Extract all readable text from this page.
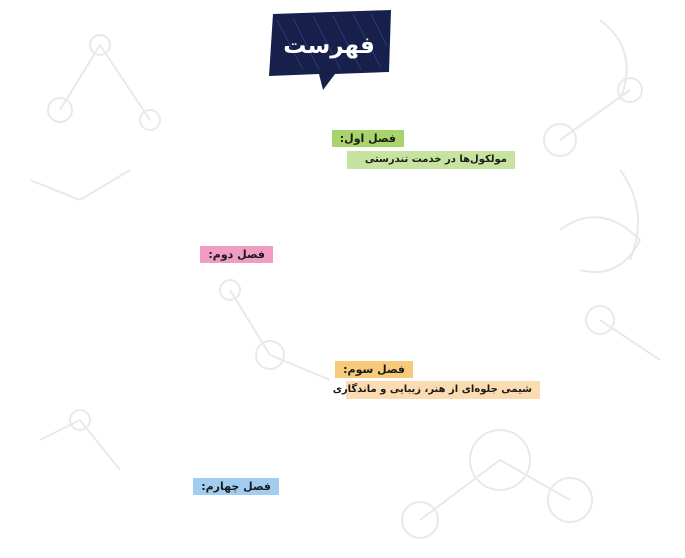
فهرست
فصل اول:
مولکول‌ها در خدمت تندرستی
فصل دوم:
فصل سوم:
شیمی جلوه‌ای از هنر، زیبایی و ماندگاری
فصل چهارم:
